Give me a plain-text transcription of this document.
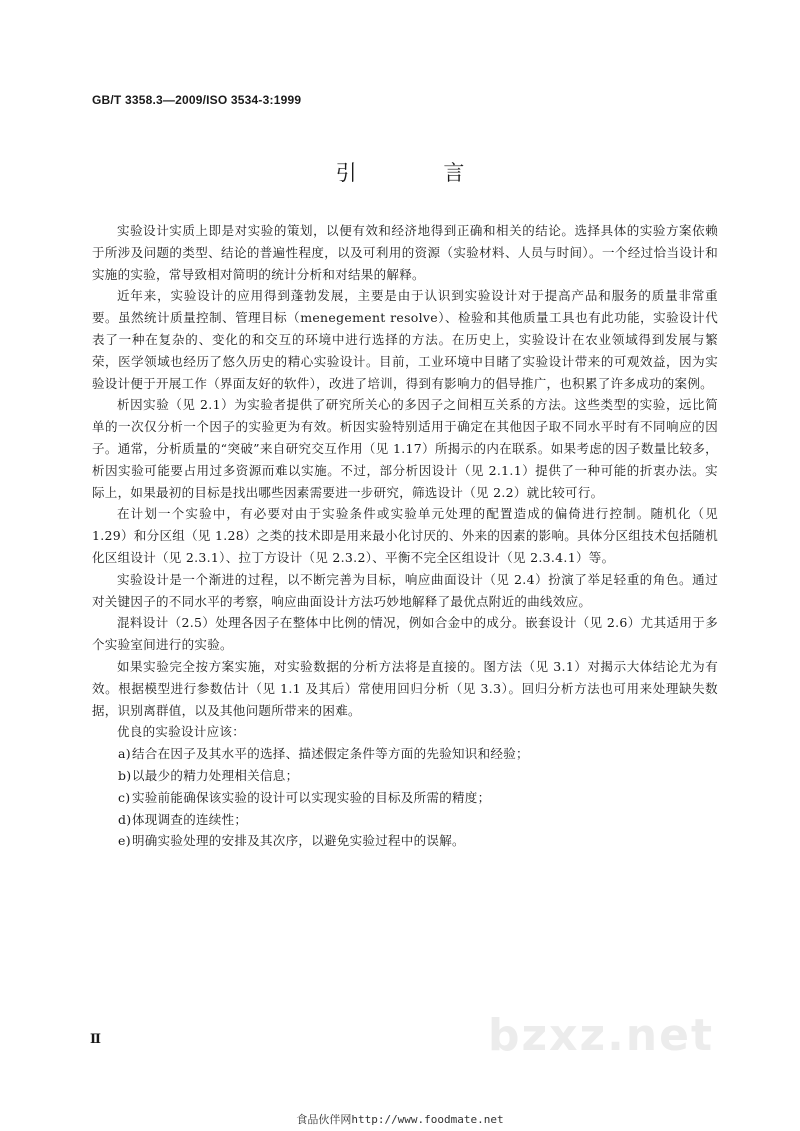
GB/T 3358.3—2009/ISO 3534-3:1999
引 言

实验设计实质上即是对实验的策划，以便有效和经济地得到正确和相关的结论。选择具体的实验方案依赖于所涉及问题的类型、结论的普遍性程度，以及可利用的资源（实验材料、人员与时间）。一个经过恰当设计和实施的实验，常导致相对简明的统计分析和对结果的解释。

近年来，实验设计的应用得到蓬勃发展，主要是由于认识到实验设计对于提高产品和服务的质量非常重要。虽然统计质量控制、管理目标（menegement resolve）、检验和其他质量工具也有此功能，实验设计代表了一种在复杂的、变化的和交互的环境中进行选择的方法。在历史上，实验设计在农业领域得到发展与繁荣，医学领域也经历了悠久历史的精心实验设计。目前，工业环境中目睹了实验设计带来的可观效益，因为实验设计便于开展工作（界面友好的软件），改进了培训，得到有影响力的倡导推广，也积累了许多成功的案例。

析因实验（见 2.1）为实验者提供了研究所关心的多因子之间相互关系的方法。这些类型的实验，远比简单的一次仅分析一个因子的实验更为有效。析因实验特别适用于确定在其他因子取不同水平时有不同响应的因子。通常，分析质量的“突破”来自研究交互作用（见 1.17）所揭示的内在联系。如果考虑的因子数量比较多，析因实验可能要占用过多资源而难以实施。不过，部分析因设计（见 2.1.1）提供了一种可能的折衷办法。实际上，如果最初的目标是找出哪些因素需要进一步研究，筛选设计（见 2.2）就比较可行。

在计划一个实验中，有必要对由于实验条件或实验单元处理的配置造成的偏倚进行控制。随机化（见 1.29）和分区组（见 1.28）之类的技术即是用来最小化讨厌的、外来的因素的影响。具体分区组技术包括随机化区组设计（见 2.3.1）、拉丁方设计（见 2.3.2）、平衡不完全区组设计（见 2.3.4.1）等。

实验设计是一个渐进的过程，以不断完善为目标，响应曲面设计（见 2.4）扮演了举足轻重的角色。通过对关键因子的不同水平的考察，响应曲面设计方法巧妙地解释了最优点附近的曲线效应。

混料设计（2.5）处理各因子在整体中比例的情况，例如合金中的成分。嵌套设计（见 2.6）尤其适用于多个实验室间进行的实验。

如果实验完全按方案实施，对实验数据的分析方法将是直接的。图方法（见 3.1）对揭示大体结论尤为有效。根据模型进行参数估计（见 1.1 及其后）常使用回归分析（见 3.3）。回归分析方法也可用来处理缺失数据，识别离群值，以及其他问题所带来的困难。

优良的实验设计应该：

a) 结合在因子及其水平的选择、描述假定条件等方面的先验知识和经验；
b) 以最少的精力处理相关信息；
c) 实验前能确保该实验的设计可以实现实验的目标及所需的精度；
d) 体现调查的连续性；
e) 明确实验处理的安排及其次序，以避免实验过程中的误解。
Ⅱ	bzxz.net
食品伙伴网http://www.foodmate.net
